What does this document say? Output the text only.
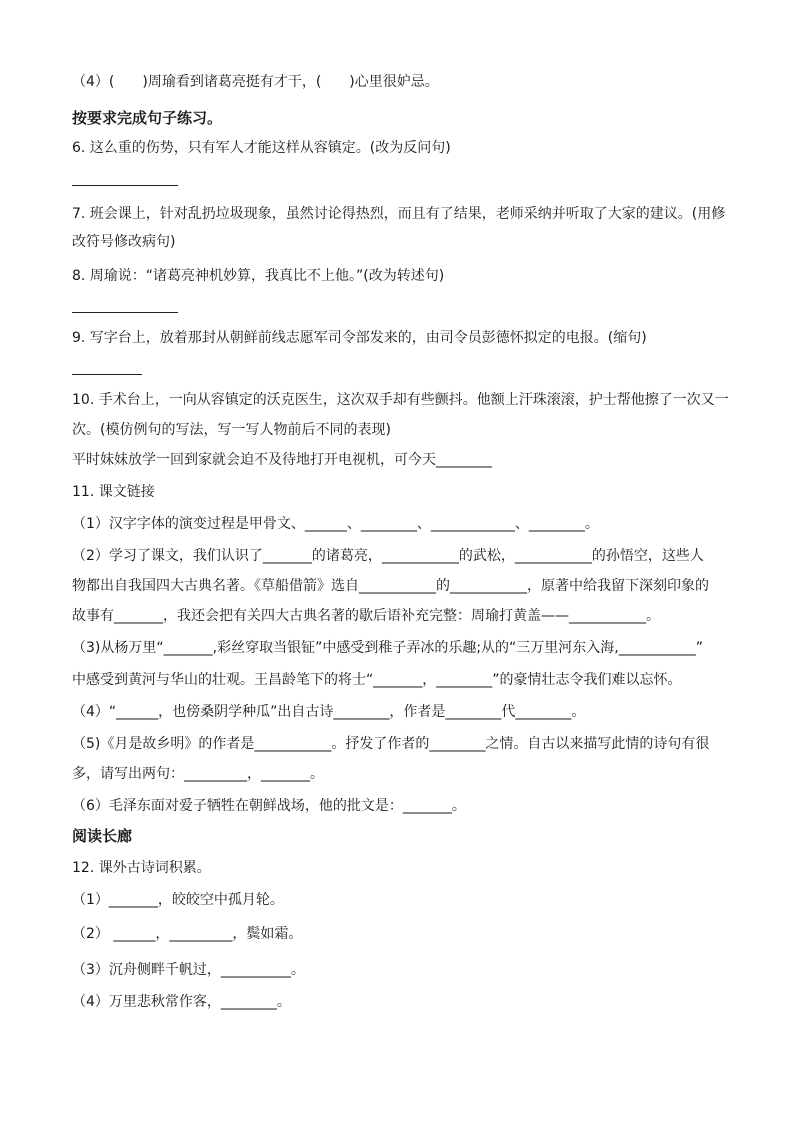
（4）(　　)周瑜看到诸葛亮挺有才干，(　　)心里很妒忌。

按要求完成句子练习。

6. 这么重的伤势，只有军人才能这样从容镇定。(改为反问句)

7. 班会课上，针对乱扔垃圾现象，虽然讨论得热烈，而且有了结果，老师采纳并听取了大家的建议。(用修

改符号修改病句)

8. 周瑜说：“诸葛亮神机妙算，我真比不上他。”(改为转述句)

9. 写字台上，放着那封从朝鲜前线志愿军司令部发来的，由司令员彭德怀拟定的电报。(缩句)

10. 手术台上，一向从容镇定的沃克医生，这次双手却有些颤抖。他额上汗珠滚滚，护士帮他擦了一次又一

次。(模仿例句的写法，写一写人物前后不同的表现)

平时妹妹放学一回到家就会迫不及待地打开电视机，可今天________

11. 课文链接

（1）汉字字体的演变过程是甲骨文、______、________、____________、________。

（2）学习了课文，我们认识了_______的诸葛亮，___________的武松，___________的孙悟空，这些人

物都出自我国四大古典名著。《草船借箭》选自___________的___________，原著中给我留下深刻印象的

故事有_______，我还会把有关四大古典名著的歇后语补充完整：周瑜打黄盖——___________。

（3)从杨万里“_______,彩丝穿取当银钲”中感受到稚子弄冰的乐趣;从的“三万里河东入海,___________”

中感受到黄河与华山的壮观。王昌龄笔下的将士“_______，________”的豪情壮志令我们难以忘怀。

（4）“______，也傍桑阴学种瓜”出自古诗________，作者是________代________。

（5)《月是故乡明》的作者是___________。抒发了作者的________之情。自古以来描写此情的诗句有很

多，请写出两句：_________，_______。

（6）毛泽东面对爱子牺牲在朝鲜战场，他的批文是：_______。

阅读长廊

12. 课外古诗词积累。

（1）_______，皎皎空中孤月轮。

（2） ______，_________，鬓如霜。

（3）沉舟侧畔千帆过，__________。

（4）万里悲秋常作客，________。
